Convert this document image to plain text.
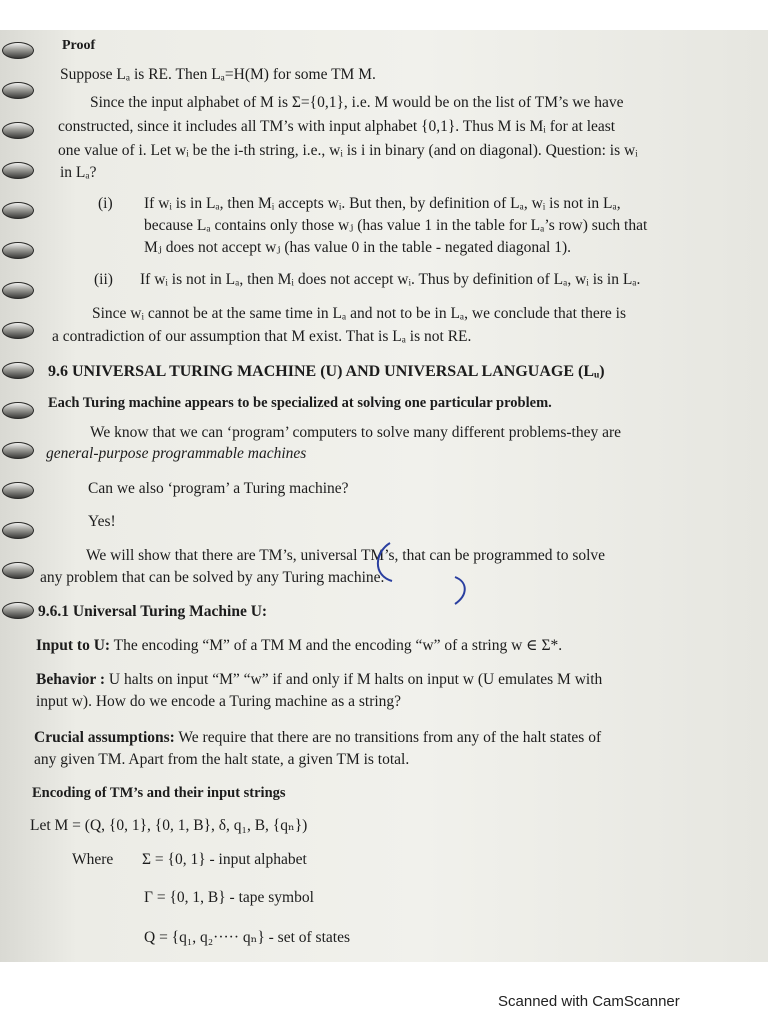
Proof
Suppose Lₐ is RE. Then Lₐ=H(M) for some TM M.
Since the input alphabet of M is Σ={0,1}, i.e. M would be on the list of TM’s we have
constructed, since it includes all TM’s with input alphabet {0,1}. Thus M is Mᵢ for at least
one value of i. Let wᵢ be the i-th string, i.e., wᵢ is i in binary (and on diagonal). Question: is wᵢ
in Lₐ?
(i) If wᵢ is in Lₐ, then Mᵢ accepts wᵢ. But then, by definition of Lₐ, wᵢ is not in Lₐ,
because Lₐ contains only those wⱼ (has value 1 in the table for Lₐ’s row) such that
Mⱼ does not accept wⱼ (has value 0 in the table - negated diagonal 1).
(ii) If wᵢ is not in Lₐ, then Mᵢ does not accept wᵢ. Thus by definition of Lₐ, wᵢ is in Lₐ.
Since wᵢ cannot be at the same time in Lₐ and not to be in Lₐ, we conclude that there is
a contradiction of our assumption that M exist. That is Lₐ is not RE.
9.6 UNIVERSAL TURING MACHINE (U) AND UNIVERSAL LANGUAGE (Lᵤ)
Each Turing machine appears to be specialized at solving one particular problem.
We know that we can ‘program’ computers to solve many different problems-they are
general-purpose programmable machines
Can we also ‘program’ a Turing machine?
Yes!
We will show that there are TM’s, universal TM’s, that can be programmed to solve
any problem that can be solved by any Turing machine.
9.6.1 Universal Turing Machine U:
Input to U: The encoding “M” of a TM M and the encoding “w” of a string w ∈ Σ*.
Behavior : U halts on input “M” “w” if and only if M halts on input w (U emulates M with
input w). How do we encode a Turing machine as a string?
Crucial assumptions: We require that there are no transitions from any of the halt states of
any given TM. Apart from the halt state, a given TM is total.
Encoding of TM’s and their input strings
Let M = (Q, {0, 1}, {0, 1, B}, δ, q₁, B, {qₙ})
Where Σ = {0, 1} - input alphabet
Γ = {0, 1, B} - tape symbol
Q = {q₁, q₂····· qₙ} - set of states
Scanned with CamScanner
